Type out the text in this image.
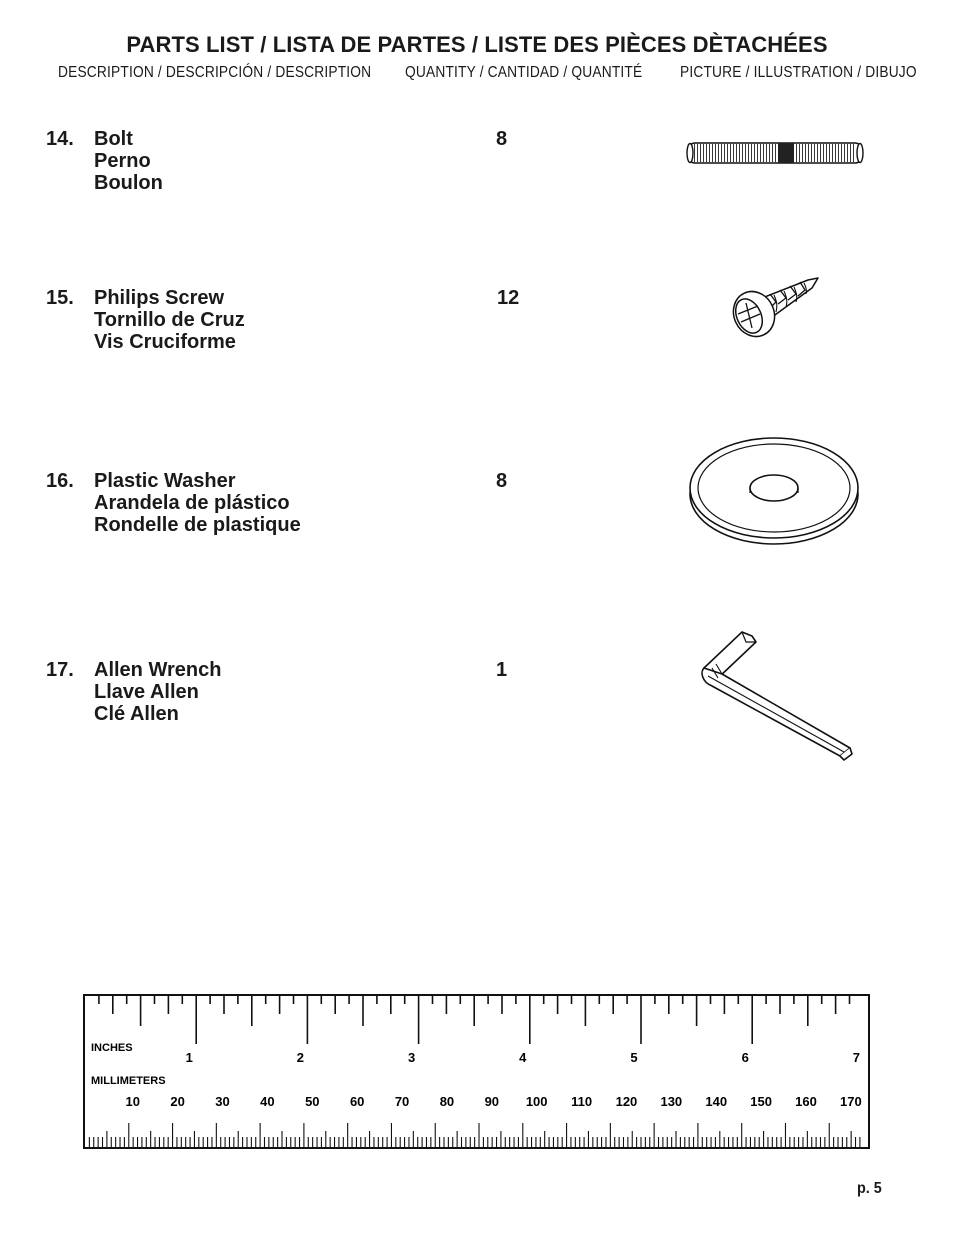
PARTS LIST / LISTA DE PARTES / LISTE DES PIÈCES DÈTACHÉES
DESCRIPTION / DESCRIPCIÓN / DESCRIPTION QUANTITY / CANTIDAD / QUANTITÉ PICTURE / ILLUSTRATION / DIBUJO
14. Bolt
Perno
Boulon
8
15. Philips Screw
Tornillo de Cruz
Vis Cruciforme
12
16. Plastic Washer
Arandela de plástico
Rondelle de plastique
8
17. Allen Wrench
Llave Allen
Clé Allen
1
INCHES
MILLIMETERS
1	2	3	4	5	6	7
10 20 30 40 50 60 70 80 90 100 110 120 130 140 150 160 170
p. 5
